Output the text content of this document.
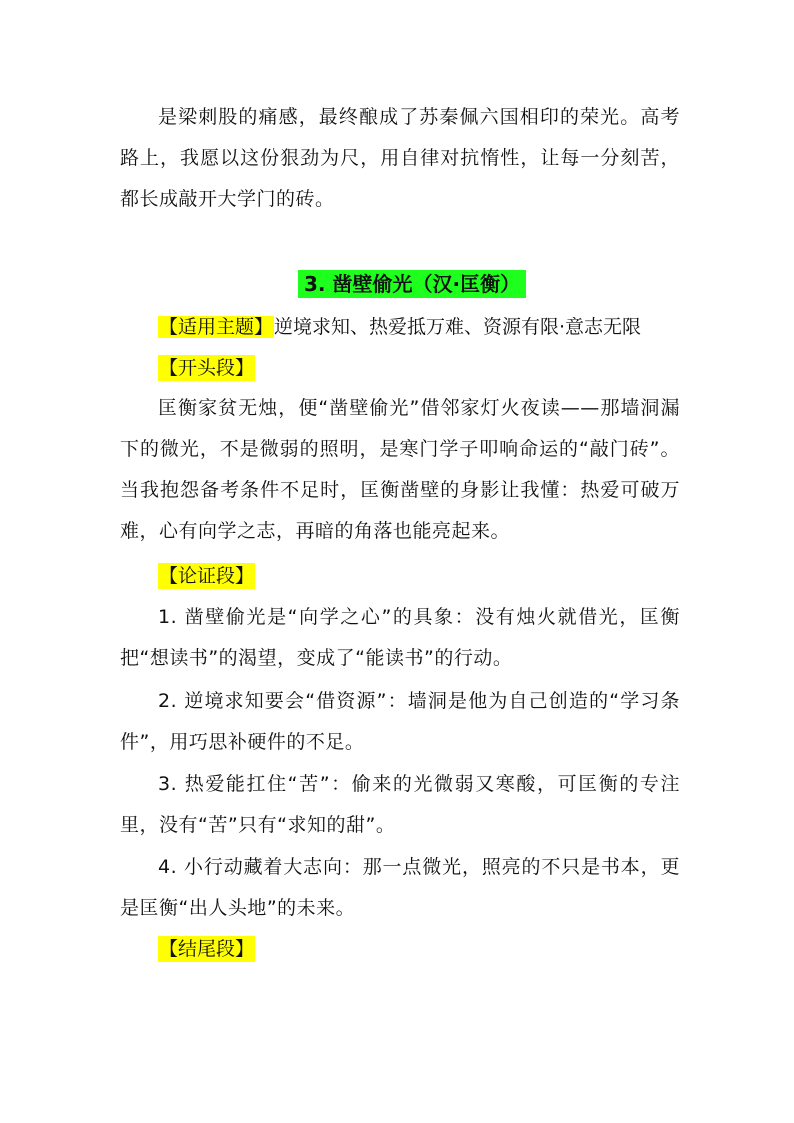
是梁刺股的痛感，最终酿成了苏秦佩六国相印的荣光。高考路上，我愿以这份狠劲为尺，用自律对抗惰性，让每一分刻苦，都长成敲开大学门的砖。

3. 凿壁偷光（汉·匡衡）
【适用主题】逆境求知、热爱抵万难、资源有限·意志无限
【开头段】

匡衡家贫无烛，便“凿壁偷光”借邻家灯火夜读——那墙洞漏下的微光，不是微弱的照明，是寒门学子叩响命运的“敲门砖”。当我抱怨备考条件不足时，匡衡凿壁的身影让我懂：热爱可破万难，心有向学之志，再暗的角落也能亮起来。

【论证段】

1. 凿壁偷光是“向学之心”的具象：没有烛火就借光，匡衡把“想读书”的渴望，变成了“能读书”的行动。

2. 逆境求知要会“借资源”：墙洞是他为自己创造的“学习条件”，用巧思补硬件的不足。

3. 热爱能扛住“苦”：偷来的光微弱又寒酸，可匡衡的专注里，没有“苦”只有“求知的甜”。

4. 小行动藏着大志向：那一点微光，照亮的不只是书本，更是匡衡“出人头地”的未来。

【结尾段】
